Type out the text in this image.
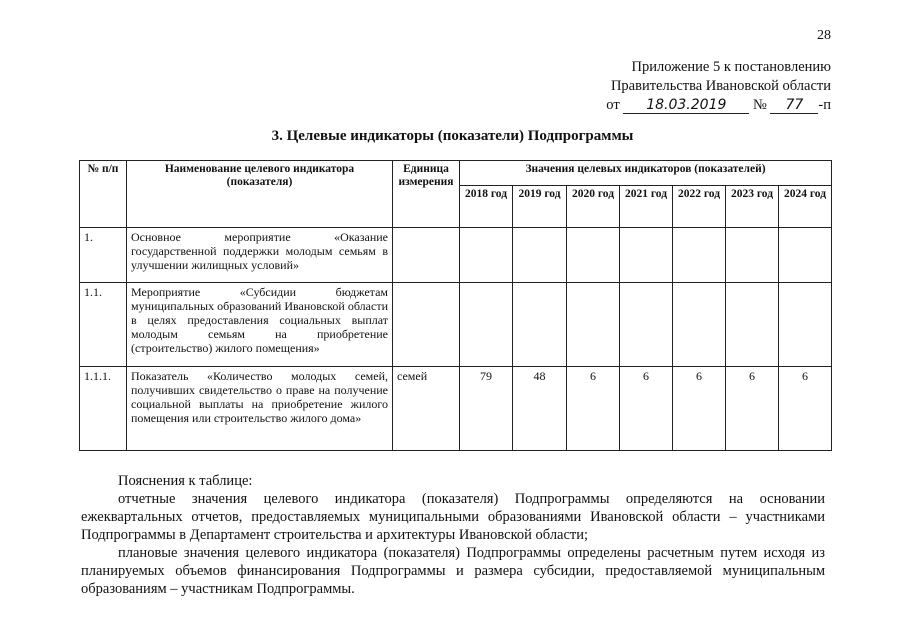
28
Приложение 5 к постановлению
Правительства Ивановской области
от 18.03.2019 № 77 -п
3. Целевые индикаторы (показатели) Подпрограммы
№ п/п	Наименование целевого индикатора (показателя)	Единица измерения	Значения целевых индикаторов (показателей)						
			2018 год	2019 год	2020 год	2021 год	2022 год	2023 год	2024 год
1.	Основное мероприятие «Оказание государственной поддержки молодым семьям в улучшении жилищных условий»								
1.1.	Мероприятие «Субсидии бюджетам муниципальных образований Ивановской области в целях предоставления социальных выплат молодым семьям на приобретение (строительство) жилого помещения»								
1.1.1.	Показатель «Количество молодых семей, получивших свидетельство о праве на получение социальной выплаты на приобретение жилого помещения или строительство жилого дома»	семей	79	48	6	6	6	6	6

Пояснения к таблице:

отчетные значения целевого индикатора (показателя) Подпрограммы определяются на основании ежеквартальных отчетов, предоставляемых муниципальными образованиями Ивановской области – участниками Подпрограммы в Департамент строительства и архитектуры Ивановской области;

плановые значения целевого индикатора (показателя) Подпрограммы определены расчетным путем исходя из планируемых объемов финансирования Подпрограммы и размера субсидии, предоставляемой муниципальным образованиям – участникам Подпрограммы.
